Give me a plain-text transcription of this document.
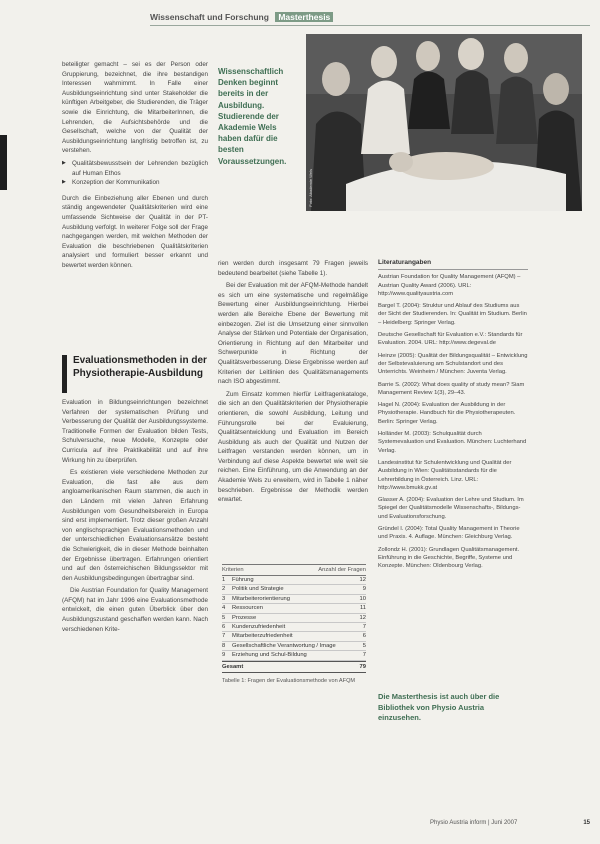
Wissenschaft und Forschung Masterthesis

beteiligter gemacht – sei es der Person oder Gruppierung, bezeichnet, die ihre bestandigen Interessen wahrnimmt. In Falle einer Ausbildungseinrichtung sind unter Stakeholder die künftigen Arbeitgeber, die Studierenden, die Träger sowie die Einrichtung, die MitarbeiterInnen, die Lehrenden, die Aufsichtsbehörde und die Gesellschaft, welche von der Qualität der Ausbildungseinrichtung langfristig betroffen ist, zu verstehen.

▶ Qualitätsbewusstsein der Lehrenden bezüglich auf Human Ethos
▶ Konzeption der Kommunikation

Durch die Einbeziehung aller Ebenen und durch ständig angewendeter Qualitätskriterien wird eine umfassende Sichtweise der Qualität in der PT-Ausbildung verfolgt. In weiterer Folge soll der Frage nachgegangen werden, mit welchen Methoden der Evaluation die beschriebenen Qualitätskriterien analysiert und formuliert besser erkannt und bewertet werden können.

Evaluationsmethoden in der Physiotherapie-Ausbildung

Evaluation in Bildungseinrichtungen bezeichnet Verfahren der systematischen Prüfung und Verbesserung der Qualität der Ausbildungssysteme. Traditionelle Formen der Evaluation bilden Tests, Schulversuche, neue Modelle, Konzepte oder Curricula auf ihre Praktikabilität und auf ihre Wirkung hin zu überprüfen.

Es existieren viele verschiedene Methoden zur Evaluation, die fast alle aus dem angloamerikanischen Raum stammen, die auch in den Ländern mit vielen Jahren Erfahrung Ausbildungen vom Gesundheitsbereich in Europa sind erst implementiert. Trotz dieser großen Anzahl von englischsprachigen Evaluationsmethoden und der unterschiedlichen Evaluationsansätze besteht die Schwierigkeit, die in dieser Methode beinhalten der Ergebnisse übertragen. Erfahrungen orientiert und auf den österreichischen Bildungssektor mit den Ausbildungsbedingungen übertragbar sind.

Die Austrian Foundation for Quality Management (AFQM) hat im Jahr 1996 eine Evaluationsmethode entwickelt, die einen guten Überblick über den Ausbildungszustand geschaffen werden kann. Nach verschiedenen Krite-

Wissenschaftlich Denken beginnt bereits in der Ausbildung. Studierende der Akademie Wels haben dafür die besten Voraussetzungen.
Foto: Akademie Wels

rien werden durch insgesamt 79 Fragen jeweils bedeutend bearbeitet (siehe Tabelle 1).

Bei der Evaluation mit der AFQM-Methode handelt es sich um eine systematische und regelmäßige Bewertung einer Ausbildungseinrichtung. Hierbei werden alle Bereiche Ebene der Bewertung mit einbezogen. Ziel ist die Umsetzung einer sinnvollen Analyse der Stärken und Potentiale der Organisation, Orientierung in Richtung auf den Mitarbeiter und Schwerpunkte in Richtung der Qualitätsverbesserung. Diese Ergebnisse werden auf Kriterien der Leitlinien des Qualitätsmanagements nach ISO abgestimmt.

Zum Einsatz kommen hierfür Leitfragenkataloge, die sich an den Qualitätskriterien der Physiotherapie orientieren, die sowohl Ausbildung, Leitung und Führungsrolle bei der Evaluierung, Qualitätsentwicklung und Evaluation im Bereich Ausbildung als auch der Qualität und Nutzen der Leitfragen verstanden werden können, um in Verbindung auf diese Aspekte bewertet wie weit sie reichen. Eine Einführung, um die Anwendung an der Akademie Wels zu erweitern, wird in Tabelle 1 näher beschrieben. Ergebnisse der Methodik werden erwartet.

Kriterien	Anzahl der Fragen
1	Führung	12
2	Politik und Strategie	9
3	Mitarbeiterorientierung	10
4	Ressourcen	11
5	Prozesse	12
6	Kundenzufriedenheit	7
7	Mitarbeiterzufriedenheit	6
8	Gesellschaftliche Verantwortung / Image	5
9	Erziehung und Schul-Bildung	7
Gesamt	79
Tabelle 1: Fragen der Evaluationsmethode von AFQM
Literaturangaben

Austrian Foundation for Quality Management (AFQM) – Austrian Quality Award (2006). URL: http://www.qualityaustria.com

Bargel T. (2004): Struktur und Ablauf des Studiums aus der Sicht der Studierenden. In: Qualität im Studium. Berlin – Heidelberg: Springer Verlag.

Deutsche Gesellschaft für Evaluation e.V.: Standards für Evaluation. 2004. URL: http://www.degeval.de

Heinze (2005): Qualität der Bildungsqualität – Entwicklung der Selbstevaluierung am Schulstandort und des Unterrichts. Weinheim / München: Juventa Verlag.

Barrie S. (2002): What does quality of study mean? Siam Management Review 1(3), 29–43.

Hagel N. (2004): Evaluation der Ausbildung in der Physiotherapie. Handbuch für die Physiotherapeuten. Berlin: Springer Verlag.

Holländer M. (2003): Schulqualität durch Systemevaluation und Evaluation. München: Luchterhand Verlag.

Landesinstitut für Schulentwicklung und Qualität der Ausbildung in Wien: Qualitätsstandards für die Lehrerbildung in Österreich. Linz. URL: http://www.bmukk.gv.at

Glasser A. (2004): Evaluation der Lehre und Studium. Im Spiegel der Qualitätsmodelle Wissenschafts-, Bildungs- und Evaluationsforschung.

Gründel I. (2004): Total Quality Management in Theorie und Praxis. 4. Auflage. München: Gleichburg Verlag.

Zollondz H. (2001): Grundlagen Qualitätsmanagement. Einführung in die Geschichte, Begriffe, Systeme und Konzepte. München: Oldenbourg Verlag.

Die Masterthesis ist auch über die Bibliothek von Physio Austria einzusehen.
Physio Austria inform | Juni 2007	15
